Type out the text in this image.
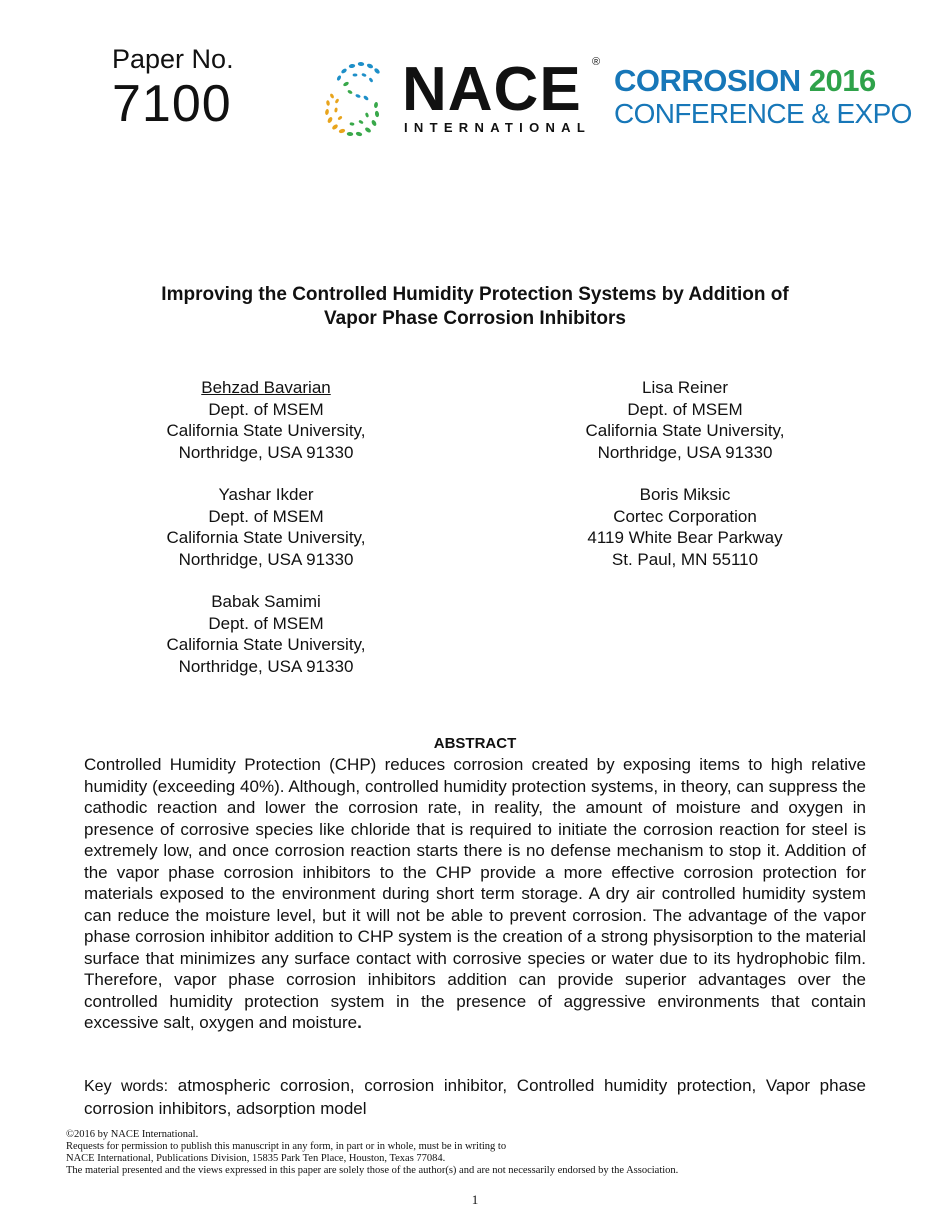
Paper No.
7100	NACE ®
INTERNATIONAL
CORROSION 2016
CONFERENCE & EXPO
Improving the Controlled Humidity Protection Systems by Addition of
Vapor Phase Corrosion Inhibitors
Behzad Bavarian
Dept. of MSEM
California State University,
Northridge, USA 91330
Lisa Reiner
Dept. of MSEM
California State University,
Northridge, USA 91330
Yashar Ikder
Dept. of MSEM
California State University,
Northridge, USA 91330
Boris Miksic
Cortec Corporation
4119 White Bear Parkway
St. Paul, MN 55110
Babak Samimi
Dept. of MSEM
California State University,
Northridge, USA 91330
ABSTRACT
Controlled Humidity Protection (CHP) reduces corrosion created by exposing items to high relative humidity (exceeding 40%). Although, controlled humidity protection systems, in theory, can suppress the cathodic reaction and lower the corrosion rate, in reality, the amount of moisture and oxygen in presence of corrosive species like chloride that is required to initiate the corrosion reaction for steel is extremely low, and once corrosion reaction starts there is no defense mechanism to stop it. Addition of the vapor phase corrosion inhibitors to the CHP provide a more effective corrosion protection for materials exposed to the environment during short term storage. A dry air controlled humidity system can reduce the moisture level, but it will not be able to prevent corrosion. The advantage of the vapor phase corrosion inhibitor addition to CHP system is the creation of a strong physisorption to the material surface that minimizes any surface contact with corrosive species or water due to its hydrophobic film. Therefore, vapor phase corrosion inhibitors addition can provide superior advantages over the controlled humidity protection system in the presence of aggressive environments that contain excessive salt, oxygen and moisture.
Key words: atmospheric corrosion, corrosion inhibitor, Controlled humidity protection, Vapor phase corrosion inhibitors, adsorption model
©2016 by NACE International.
Requests for permission to publish this manuscript in any form, in part or in whole, must be in writing to
NACE International, Publications Division, 15835 Park Ten Place, Houston, Texas 77084.
The material presented and the views expressed in this paper are solely those of the author(s) and are not necessarily endorsed by the Association.
1
